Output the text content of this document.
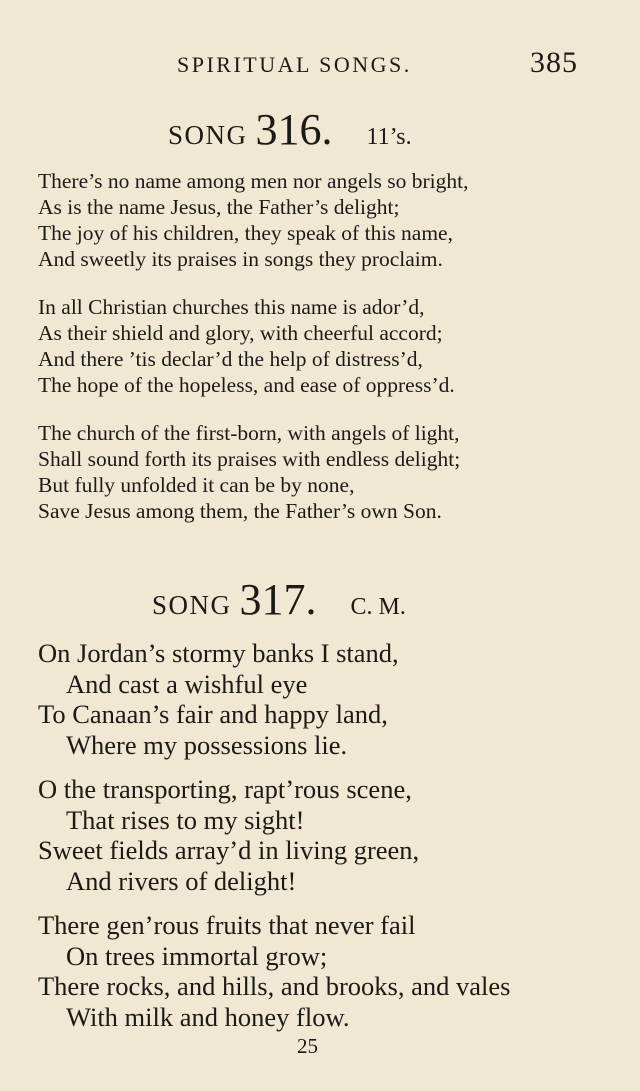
SPIRITUAL SONGS.	385
SONG 316. 11’s.
There’s no name among men nor angels so bright,
As is the name Jesus, the Father’s delight;
The joy of his children, they speak of this name,
And sweetly its praises in songs they proclaim.
In all Christian churches this name is ador’d,
As their shield and glory, with cheerful accord;
And there ’tis declar’d the help of distress’d,
The hope of the hopeless, and ease of oppress’d.
The church of the first-born, with angels of light,
Shall sound forth its praises with endless delight;
But fully unfolded it can be by none,
Save Jesus among them, the Father’s own Son.
SONG 317. C. M.
On Jordan’s stormy banks I stand,
And cast a wishful eye
To Canaan’s fair and happy land,
Where my possessions lie.
O the transporting, rapt’rous scene,
That rises to my sight!
Sweet fields array’d in living green,
And rivers of delight!
There gen’rous fruits that never fail
On trees immortal grow;
There rocks, and hills, and brooks, and vales
With milk and honey flow.
25
